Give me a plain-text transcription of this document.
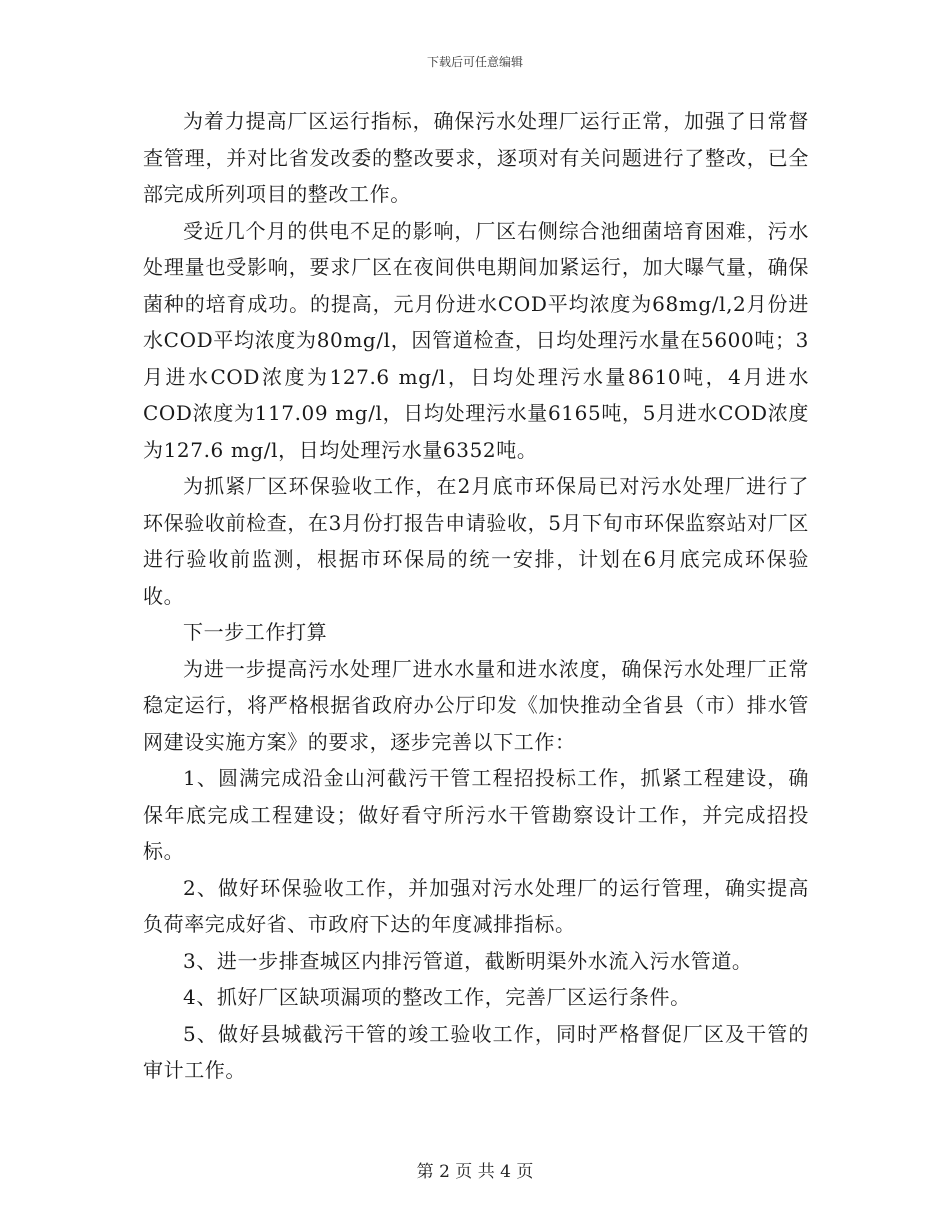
下载后可任意编辑

为着力提高厂区运行指标，确保污水处理厂运行正常，加强了日常督查管理，并对比省发改委的整改要求，逐项对有关问题进行了整改，已全部完成所列项目的整改工作。

受近几个月的供电不足的影响，厂区右侧综合池细菌培育困难，污水处理量也受影响，要求厂区在夜间供电期间加紧运行，加大曝气量，确保菌种的培育成功。的提高，元月份进水COD平均浓度为68mg/l,2月份进水COD平均浓度为80mg/l，因管道检查，日均处理污水量在5600吨；3月进水COD浓度为127.6 mg/l，日均处理污水量8610吨，4月进水COD浓度为117.09 mg/l，日均处理污水量6165吨，5月进水COD浓度为127.6 mg/l，日均处理污水量6352吨。

为抓紧厂区环保验收工作，在2月底市环保局已对污水处理厂进行了环保验收前检查，在3月份打报告申请验收，5月下旬市环保监察站对厂区进行验收前监测，根据市环保局的统一安排，计划在6月底完成环保验收。

下一步工作打算

为进一步提高污水处理厂进水水量和进水浓度，确保污水处理厂正常稳定运行，将严格根据省政府办公厅印发《加快推动全省县（市）排水管网建设实施方案》的要求，逐步完善以下工作：

1、圆满完成沿金山河截污干管工程招投标工作，抓紧工程建设，确保年底完成工程建设；做好看守所污水干管勘察设计工作，并完成招投标。

2、做好环保验收工作，并加强对污水处理厂的运行管理，确实提高负荷率完成好省、市政府下达的年度减排指标。

3、进一步排查城区内排污管道，截断明渠外水流入污水管道。

4、抓好厂区缺项漏项的整改工作，完善厂区运行条件。

5、做好县城截污干管的竣工验收工作，同时严格督促厂区及干管的审计工作。

第 2 页 共 4 页
